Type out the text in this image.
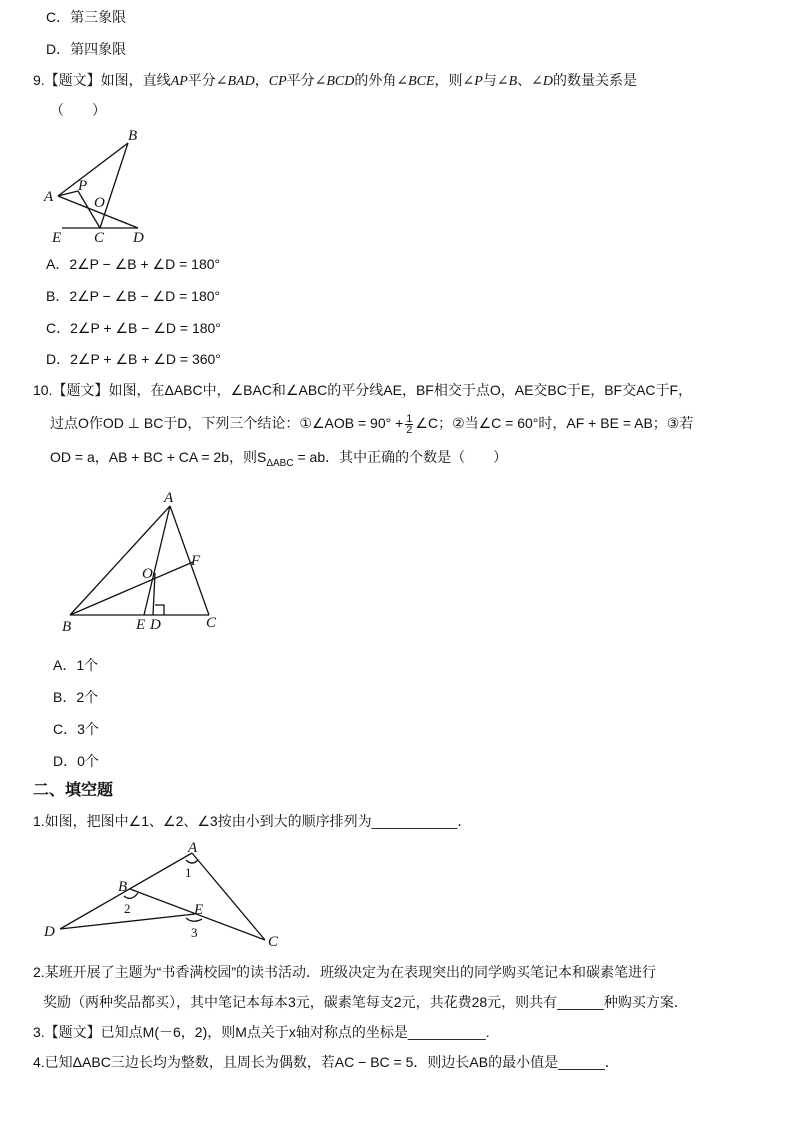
C．第三象限
D．第四象限
9.【题文】如图，直线AP平分∠BAD，CP平分∠BCD的外角∠BCE，则∠P与∠B、∠D的数量关系是
（　　）
B
A
P
O
E C D
A．2∠P − ∠B + ∠D = 180°
B．2∠P − ∠B − ∠D = 180°
C．2∠P + ∠B − ∠D = 180°
D．2∠P + ∠B + ∠D = 360°
10.【题文】如图，在ΔABC中，∠BAC和∠ABC的平分线AE，BF相交于点O，AE交BC于E，BF交AC于F，
过点O作OD ⊥ BC于D，下列三个结论：①∠AOB = $90^\circ + \frac{1}{2}$ ∠C；②当∠C = 60°时，AF + BE = AB；③若
OD = a，AB + BC + CA = 2b，则$S_{\Delta ABC}$ = ab．其中正确的个数是（　　）
A
O
F
B	E D	C
A．1个
B．2个
C．3个
D．0个
二、填空题
1.如图，把图中∠1、∠2、∠3按由小到大的顺序排列为___________．
A
1
B
2	E
3
D
C
2.某班开展了主题为“书香满校园”的读书活动．班级决定为在表现突出的同学购买笔记本和碳素笔进行
奖励（两种奖品都买），其中笔记本每本3元，碳素笔每支2元，共花费28元，则共有______种购买方案．
3.【题文】已知点M(－6，2)，则M点关于x轴对称点的坐标是__________.
4.已知ΔABC三边长均为整数，且周长为偶数，若AC − BC = 5．则边长AB的最小值是______．
